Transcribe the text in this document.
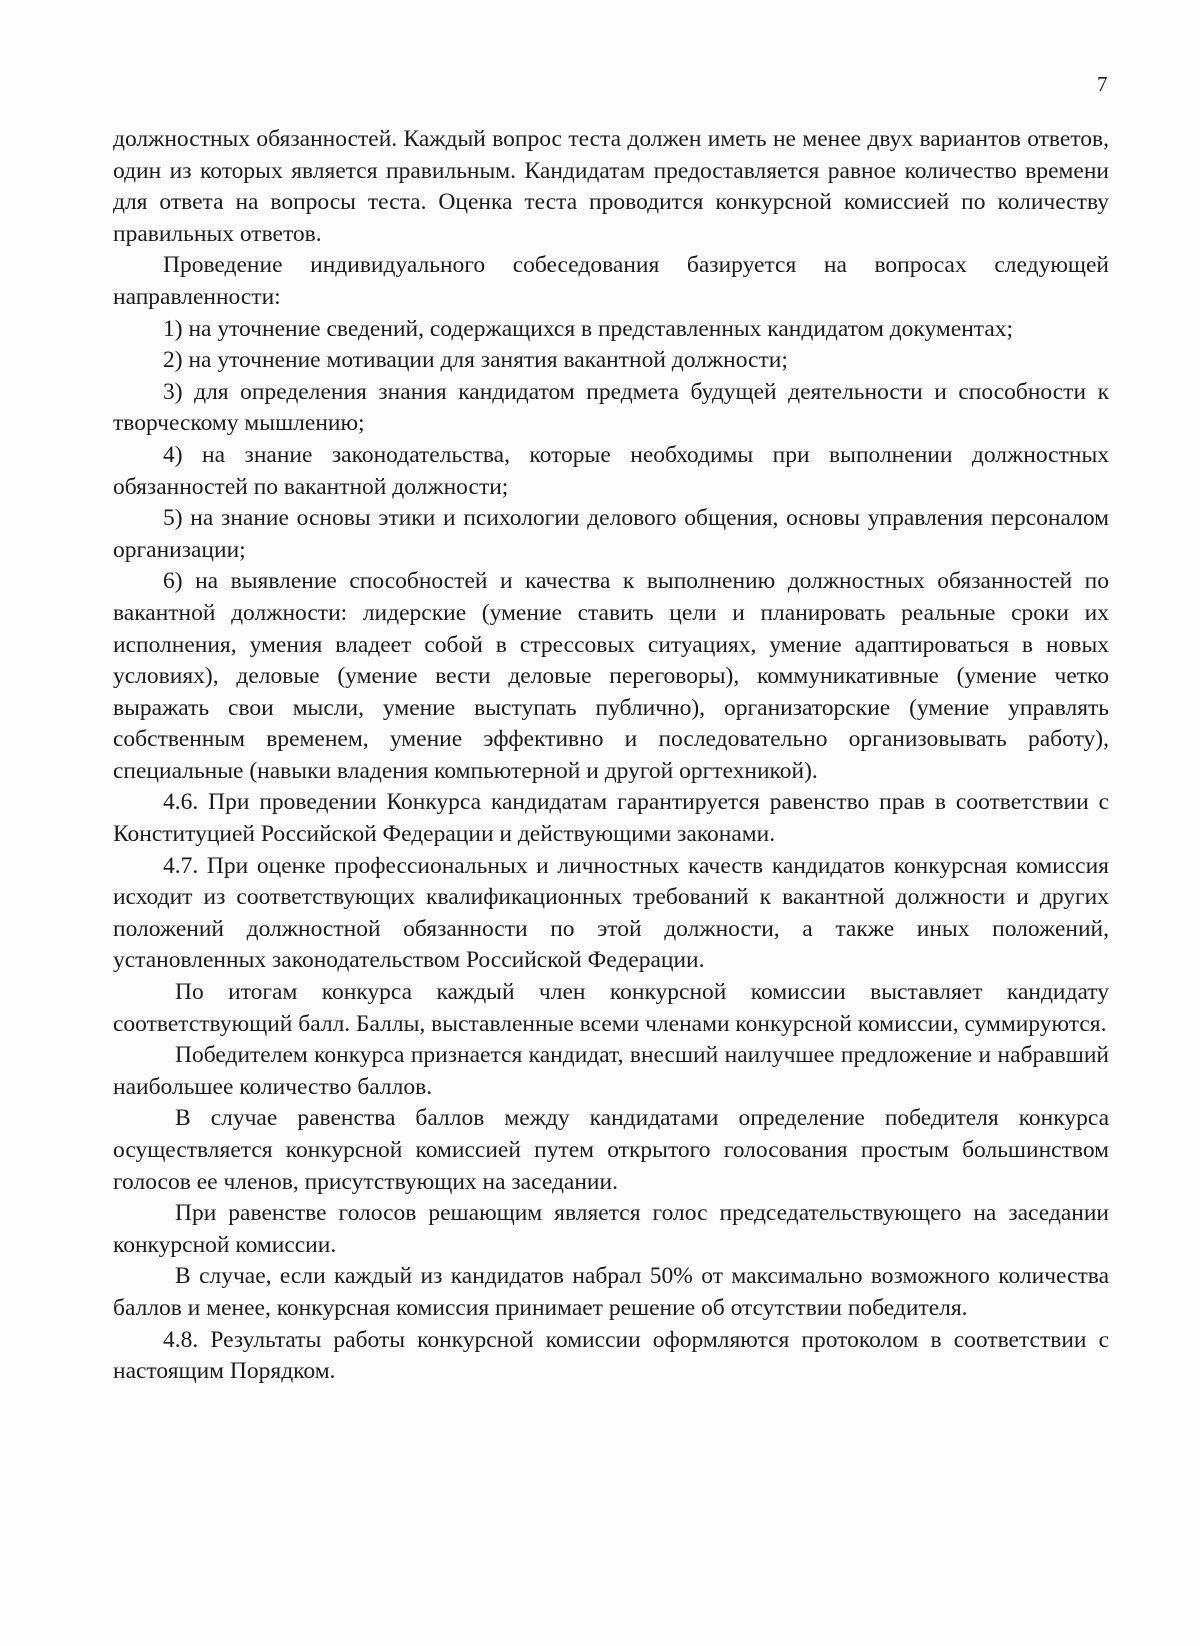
7

должностных обязанностей. Каждый вопрос теста должен иметь не менее двух вариантов ответов, один из которых является правильным. Кандидатам предоставляется равное количество времени для ответа на вопросы теста. Оценка теста проводится конкурсной комиссией по количеству правильных ответов.

Проведение индивидуального собеседования базируется на вопросах следующей направленности:

1) на уточнение сведений, содержащихся в представленных кандидатом документах;

2) на уточнение мотивации для занятия вакантной должности;

3) для определения знания кандидатом предмета будущей деятельности и способности к творческому мышлению;

4) на знание законодательства, которые необходимы при выполнении должностных обязанностей по вакантной должности;

5) на знание основы этики и психологии делового общения, основы управления персоналом организации;

6) на выявление способностей и качества к выполнению должностных обязанностей по вакантной должности: лидерские (умение ставить цели и планировать реальные сроки их исполнения, умения владеет собой в стрессовых ситуациях, умение адаптироваться в новых условиях), деловые (умение вести деловые переговоры), коммуникативные (умение четко выражать свои мысли, умение выступать публично), организаторские (умение управлять собственным временем, умение эффективно и последовательно организовывать работу), специальные (навыки владения компьютерной и другой оргтехникой).

4.6. При проведении Конкурса кандидатам гарантируется равенство прав в соответствии с Конституцией Российской Федерации и действующими законами.

4.7. При оценке профессиональных и личностных качеств кандидатов конкурсная комиссия исходит из соответствующих квалификационных требований к вакантной должности и других положений должностной обязанности по этой должности, а также иных положений, установленных законодательством Российской Федерации.

По итогам конкурса каждый член конкурсной комиссии выставляет кандидату соответствующий балл. Баллы, выставленные всеми членами конкурсной комиссии, суммируются.

Победителем конкурса признается кандидат, внесший наилучшее предложение и набравший наибольшее количество баллов.

В случае равенства баллов между кандидатами определение победителя конкурса осуществляется конкурсной комиссией путем открытого голосования простым большинством голосов ее членов, присутствующих на заседании.

При равенстве голосов решающим является голос председательствующего на заседании конкурсной комиссии.

В случае, если каждый из кандидатов набрал 50% от максимально возможного количества баллов и менее, конкурсная комиссия принимает решение об отсутствии победителя.

4.8. Результаты работы конкурсной комиссии оформляются протоколом в соответствии с настоящим Порядком.
